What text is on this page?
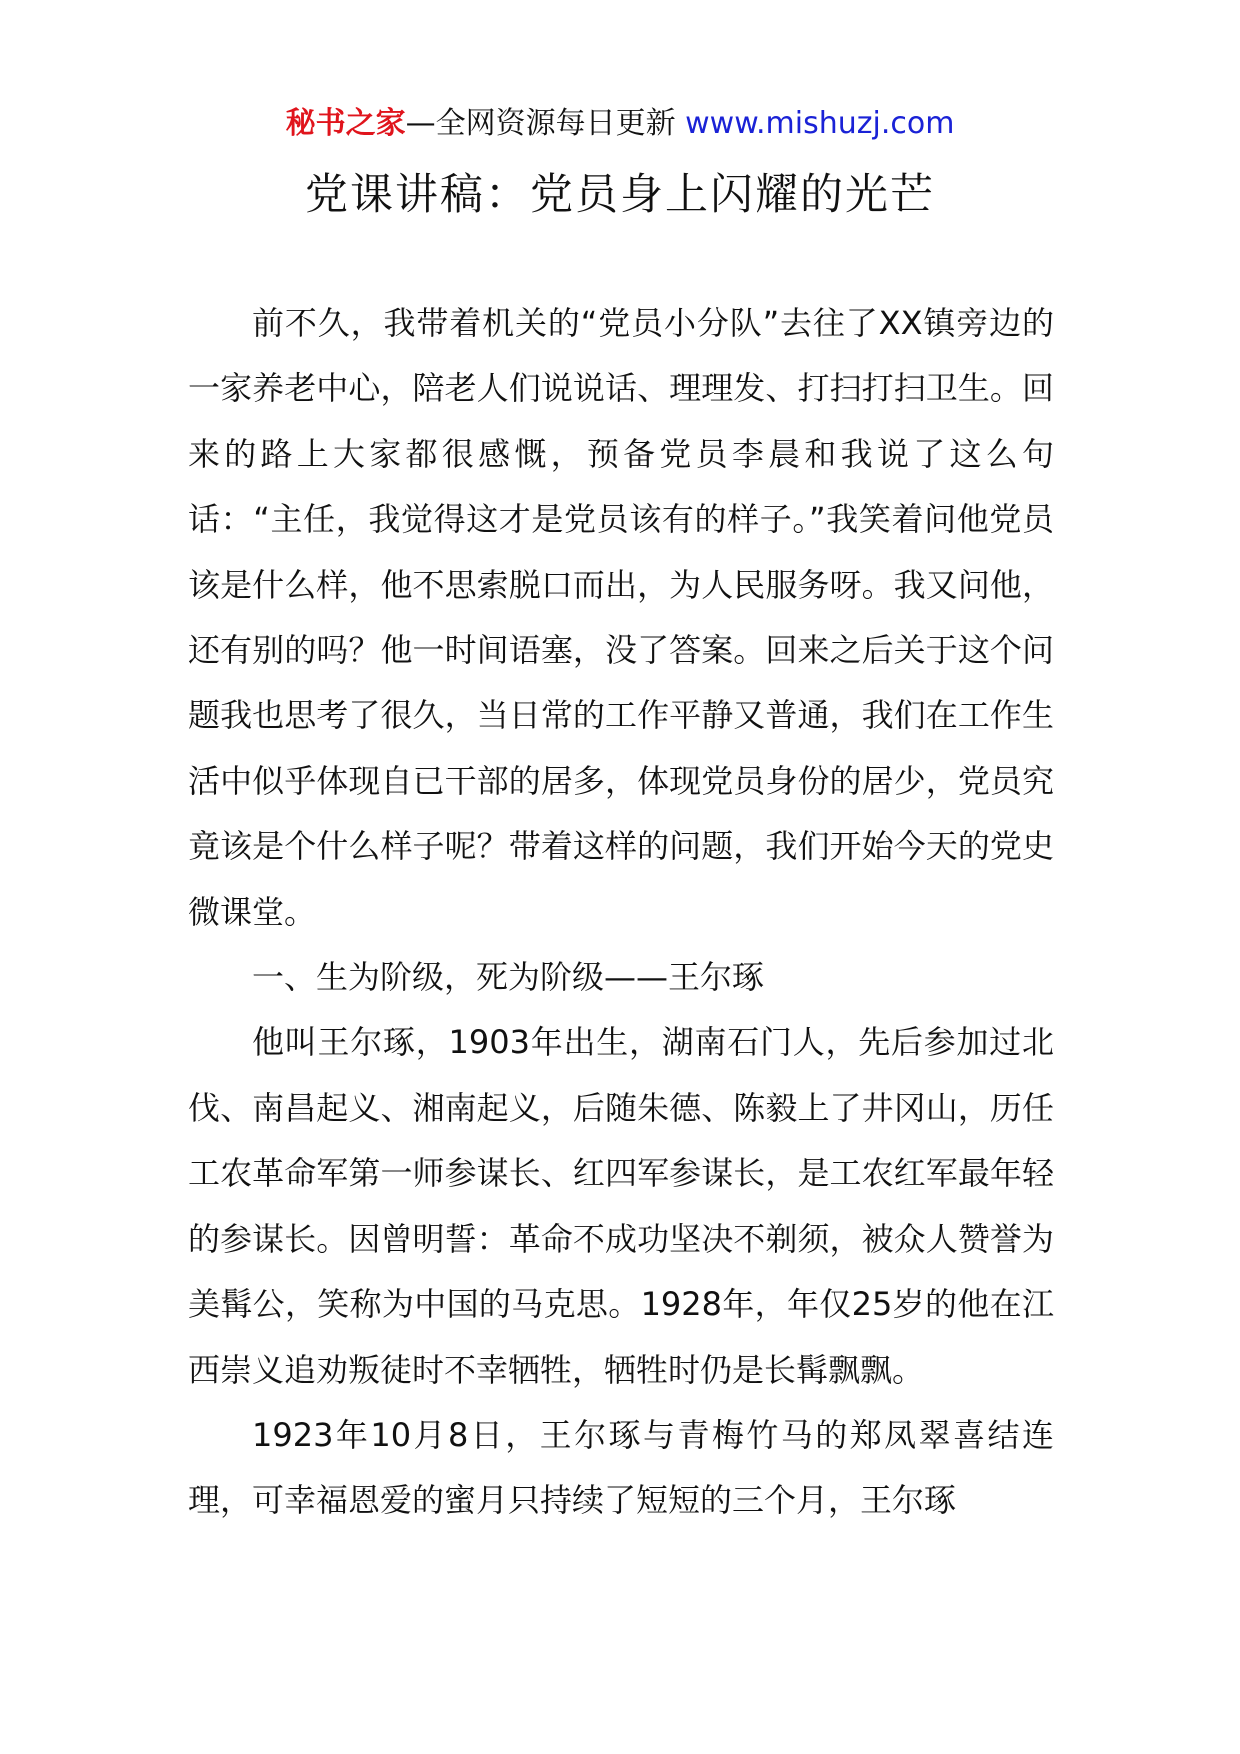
秘书之家—全网资源每日更新 www.mishuzj.com
党课讲稿：党员身上闪耀的光芒

前不久，我带着机关的“党员小分队”去往了XX镇旁边的一家养老中心，陪老人们说说话、理理发、打扫打扫卫生。回来的路上大家都很感慨，预备党员李晨和我说了这么句话：“主任，我觉得这才是党员该有的样子。”我笑着问他党员该是什么样，他不思索脱口而出，为人民服务呀。我又问他，还有别的吗？他一时间语塞，没了答案。回来之后关于这个问题我也思考了很久，当日常的工作平静又普通，我们在工作生活中似乎体现自已干部的居多，体现党员身份的居少，党员究竟该是个什么样子呢？带着这样的问题，我们开始今天的党史微课堂。

一、生为阶级，死为阶级——王尔琢

他叫王尔琢，1903年出生，湖南石门人，先后参加过北伐、南昌起义、湘南起义，后随朱德、陈毅上了井冈山，历任工农革命军第一师参谋长、红四军参谋长，是工农红军最年轻的参谋长。因曾明誓：革命不成功坚决不剃须，被众人赞誉为美髯公，笑称为中国的马克思。1928年，年仅25岁的他在江西崇义追劝叛徒时不幸牺牲，牺牲时仍是长髯飘飘。

1923年10月8日，王尔琢与青梅竹马的郑凤翠喜结连理，可幸福恩爱的蜜月只持续了短短的三个月，王尔琢
